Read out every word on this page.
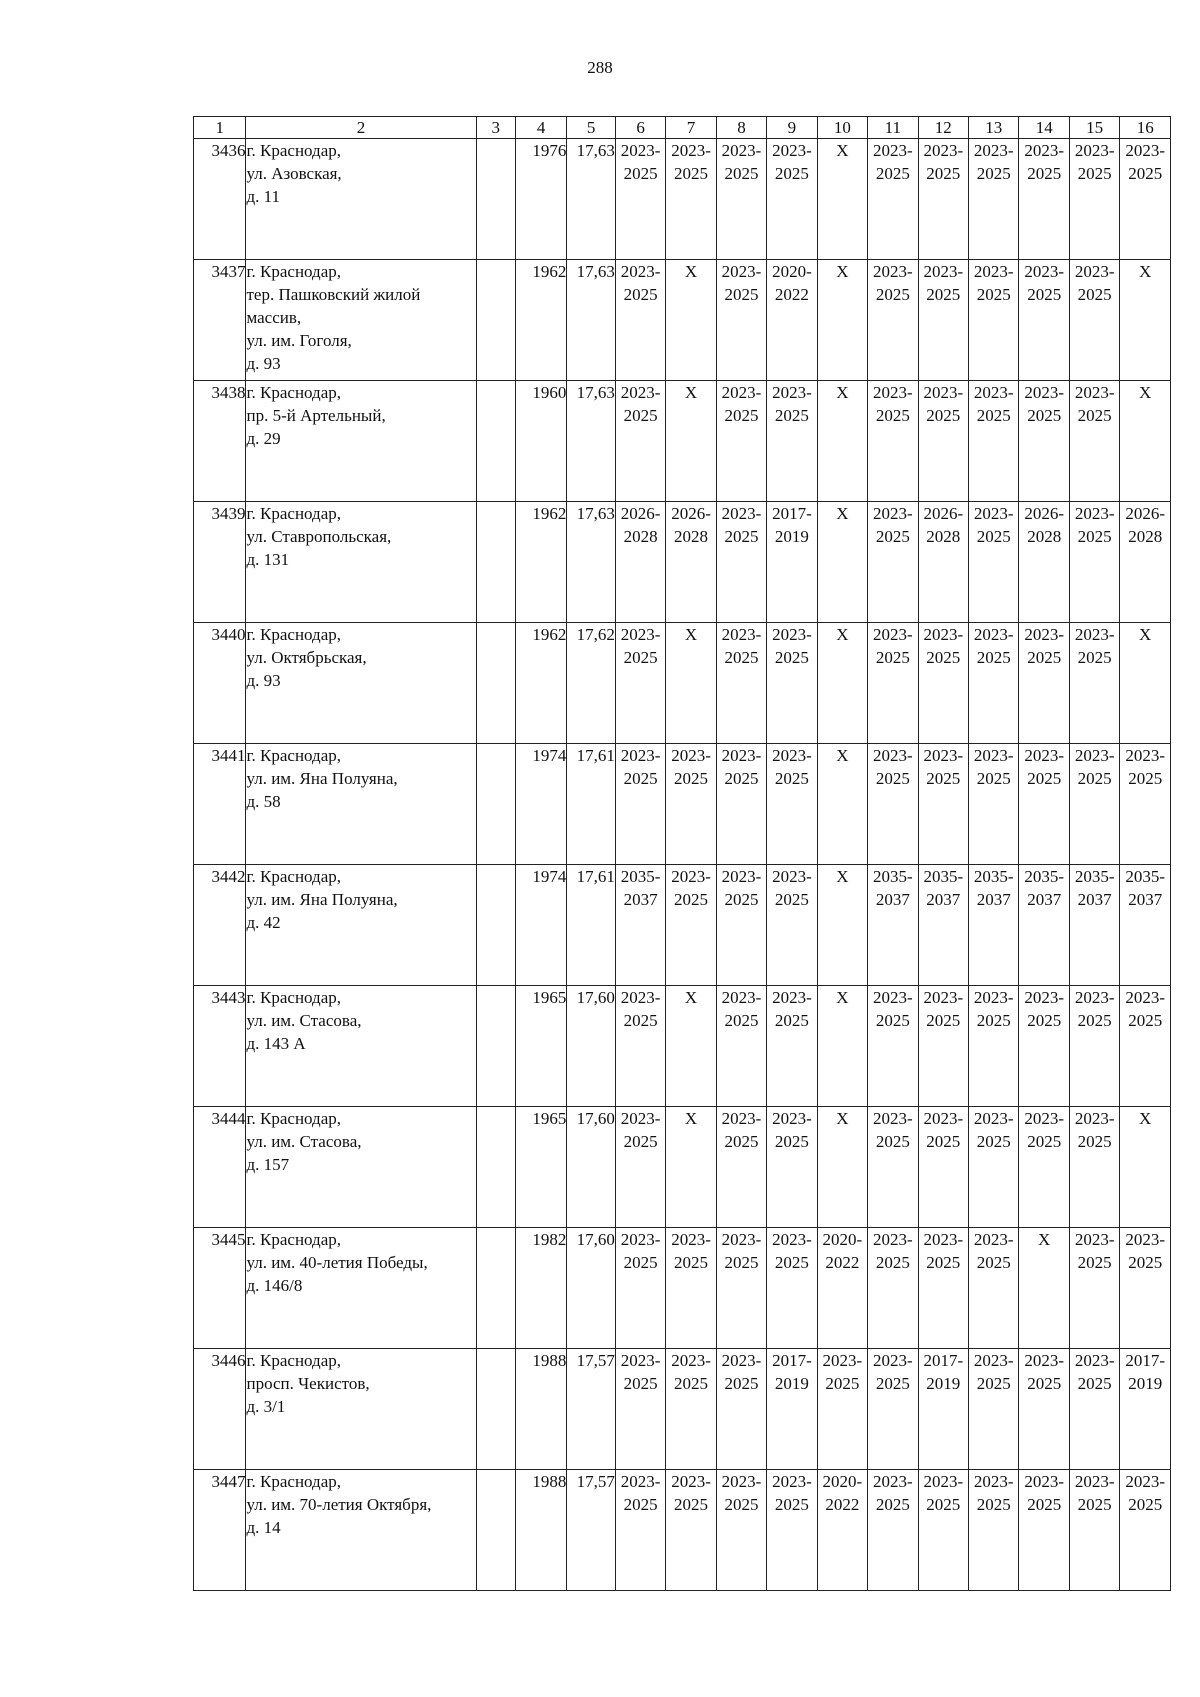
288
1	2	3	4	5	6	7	8	9	10	11	12	13	14	15	16
3436	г. Краснодар,
ул. Азовская,
д. 11		1976	17,63	2023- 2025	2023- 2025	2023- 2025	2023- 2025	Х	2023- 2025	2023- 2025	2023- 2025	2023- 2025	2023- 2025	2023- 2025
3437	г. Краснодар,
тер. Пашковский жилой
массив,
ул. им. Гоголя,
д. 93		1962	17,63	2023- 2025	Х	2023- 2025	2020- 2022	Х	2023- 2025	2023- 2025	2023- 2025	2023- 2025	2023- 2025	Х
3438	г. Краснодар,
пр. 5-й Артельный,
д. 29		1960	17,63	2023- 2025	Х	2023- 2025	2023- 2025	Х	2023- 2025	2023- 2025	2023- 2025	2023- 2025	2023- 2025	Х
3439	г. Краснодар,
ул. Ставропольская,
д. 131		1962	17,63	2026- 2028	2026- 2028	2023- 2025	2017- 2019	Х	2023- 2025	2026- 2028	2023- 2025	2026- 2028	2023- 2025	2026- 2028
3440	г. Краснодар,
ул. Октябрьская,
д. 93		1962	17,62	2023- 2025	Х	2023- 2025	2023- 2025	Х	2023- 2025	2023- 2025	2023- 2025	2023- 2025	2023- 2025	Х
3441	г. Краснодар,
ул. им. Яна Полуяна,
д. 58		1974	17,61	2023- 2025	2023- 2025	2023- 2025	2023- 2025	Х	2023- 2025	2023- 2025	2023- 2025	2023- 2025	2023- 2025	2023- 2025
3442	г. Краснодар,
ул. им. Яна Полуяна,
д. 42		1974	17,61	2035- 2037	2023- 2025	2023- 2025	2023- 2025	Х	2035- 2037	2035- 2037	2035- 2037	2035- 2037	2035- 2037	2035- 2037
3443	г. Краснодар,
ул. им. Стасова,
д. 143 А		1965	17,60	2023- 2025	Х	2023- 2025	2023- 2025	Х	2023- 2025	2023- 2025	2023- 2025	2023- 2025	2023- 2025	2023- 2025
3444	г. Краснодар,
ул. им. Стасова,
д. 157		1965	17,60	2023- 2025	Х	2023- 2025	2023- 2025	Х	2023- 2025	2023- 2025	2023- 2025	2023- 2025	2023- 2025	Х
3445	г. Краснодар,
ул. им. 40-летия Победы,
д. 146/8		1982	17,60	2023- 2025	2023- 2025	2023- 2025	2023- 2025	2020- 2022	2023- 2025	2023- 2025	2023- 2025	Х	2023- 2025	2023- 2025
3446	г. Краснодар,
просп. Чекистов,
д. 3/1		1988	17,57	2023- 2025	2023- 2025	2023- 2025	2017- 2019	2023- 2025	2023- 2025	2017- 2019	2023- 2025	2023- 2025	2023- 2025	2017- 2019
3447	г. Краснодар,
ул. им. 70-летия Октября,
д. 14		1988	17,57	2023- 2025	2023- 2025	2023- 2025	2023- 2025	2020- 2022	2023- 2025	2023- 2025	2023- 2025	2023- 2025	2023- 2025	2023- 2025
